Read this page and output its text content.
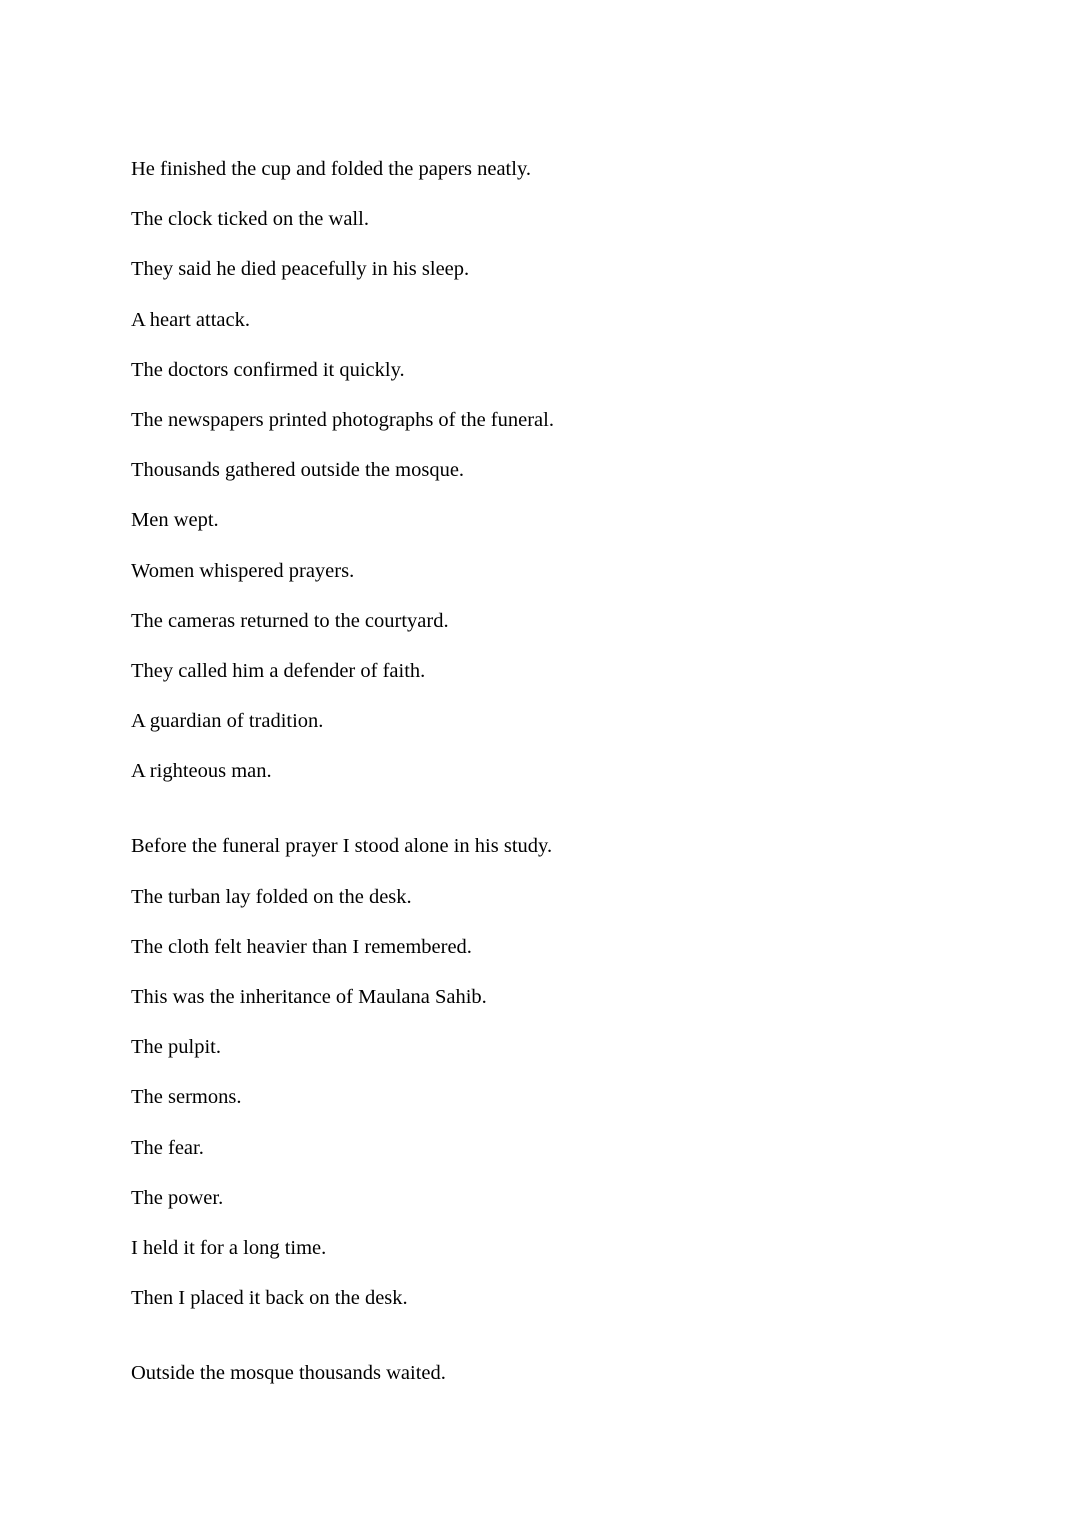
He finished the cup and folded the papers neatly.
The clock ticked on the wall.
They said he died peacefully in his sleep.
A heart attack.
The doctors confirmed it quickly.
The newspapers printed photographs of the funeral.
Thousands gathered outside the mosque.
Men wept.
Women whispered prayers.
The cameras returned to the courtyard.
They called him a defender of faith.
A guardian of tradition.
A righteous man.
Before the funeral prayer I stood alone in his study.
The turban lay folded on the desk.
The cloth felt heavier than I remembered.
This was the inheritance of Maulana Sahib.
The pulpit.
The sermons.
The fear.
The power.
I held it for a long time.
Then I placed it back on the desk.
Outside the mosque thousands waited.
